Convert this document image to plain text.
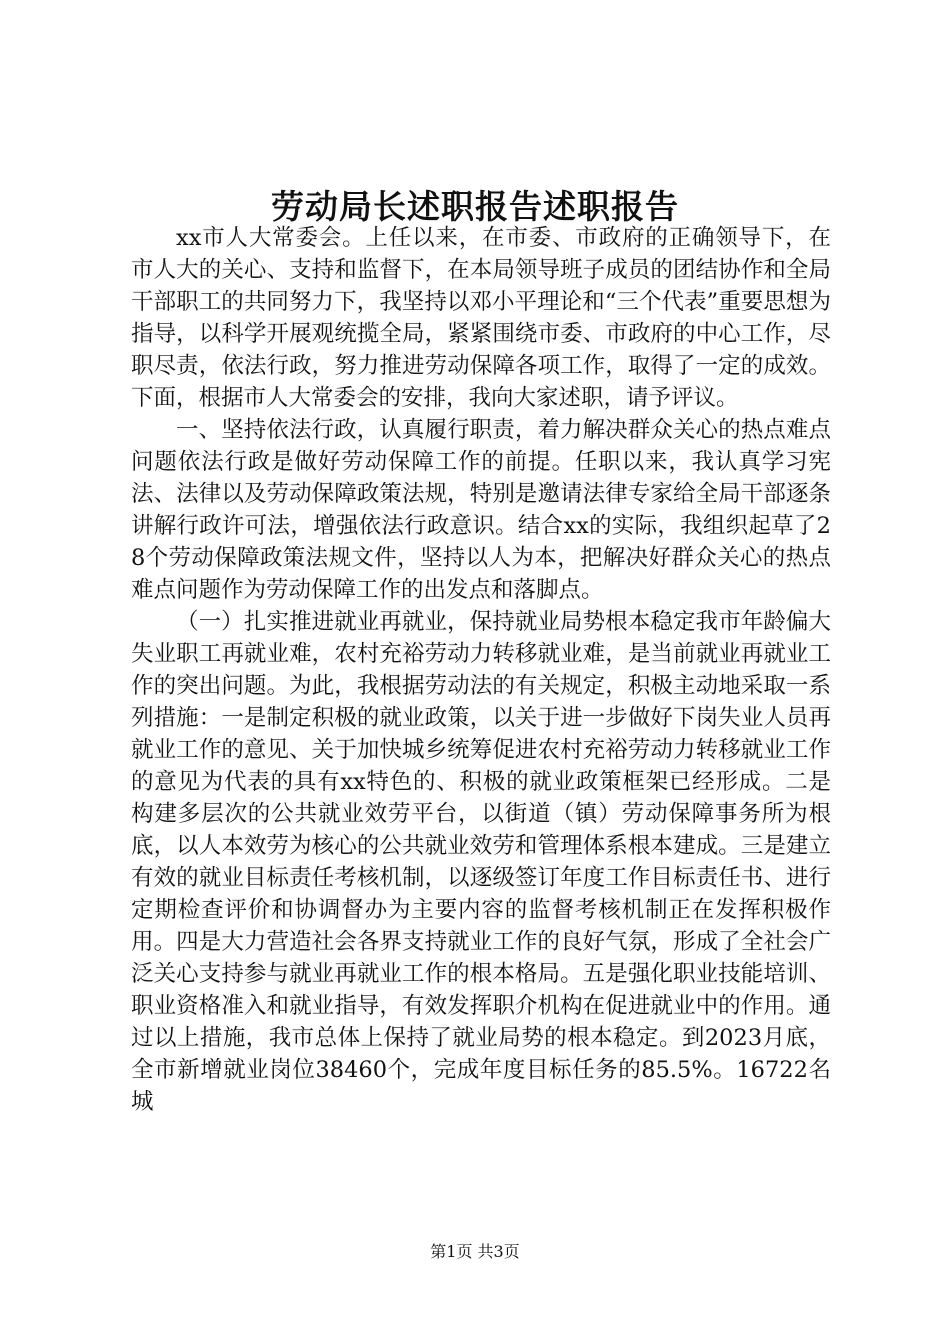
劳动局长述职报告述职报告

xx市人大常委会。上任以来，在市委、市政府的正确领导下，在市人大的关心、支持和监督下，在本局领导班子成员的团结协作和全局干部职工的共同努力下，我坚持以邓小平理论和“三个代表”重要思想为指导，以科学开展观统揽全局，紧紧围绕市委、市政府的中心工作，尽职尽责，依法行政，努力推进劳动保障各项工作，取得了一定的成效。下面，根据市人大常委会的安排，我向大家述职，请予评议。

一、坚持依法行政，认真履行职责，着力解决群众关心的热点难点问题依法行政是做好劳动保障工作的前提。任职以来，我认真学习宪法、法律以及劳动保障政策法规，特别是邀请法律专家给全局干部逐条讲解行政许可法，增强依法行政意识。结合xx的实际，我组织起草了28个劳动保障政策法规文件，坚持以人为本，把解决好群众关心的热点难点问题作为劳动保障工作的出发点和落脚点。

（一）扎实推进就业再就业，保持就业局势根本稳定我市年龄偏大失业职工再就业难，农村充裕劳动力转移就业难，是当前就业再就业工作的突出问题。为此，我根据劳动法的有关规定，积极主动地采取一系列措施：一是制定积极的就业政策，以关于进一步做好下岗失业人员再就业工作的意见、关于加快城乡统筹促进农村充裕劳动力转移就业工作的意见为代表的具有xx特色的、积极的就业政策框架已经形成。二是构建多层次的公共就业效劳平台，以街道（镇）劳动保障事务所为根底，以人本效劳为核心的公共就业效劳和管理体系根本建成。三是建立有效的就业目标责任考核机制，以逐级签订年度工作目标责任书、进行定期检查评价和协调督办为主要内容的监督考核机制正在发挥积极作用。四是大力营造社会各界支持就业工作的良好气氛，形成了全社会广泛关心支持参与就业再就业工作的根本格局。五是强化职业技能培训、职业资格准入和就业指导，有效发挥职介机构在促进就业中的作用。通过以上措施，我市总体上保持了就业局势的根本稳定。到2023月底，全市新增就业岗位38460个，完成年度目标任务的85.5%。16722名城

第1页 共3页
